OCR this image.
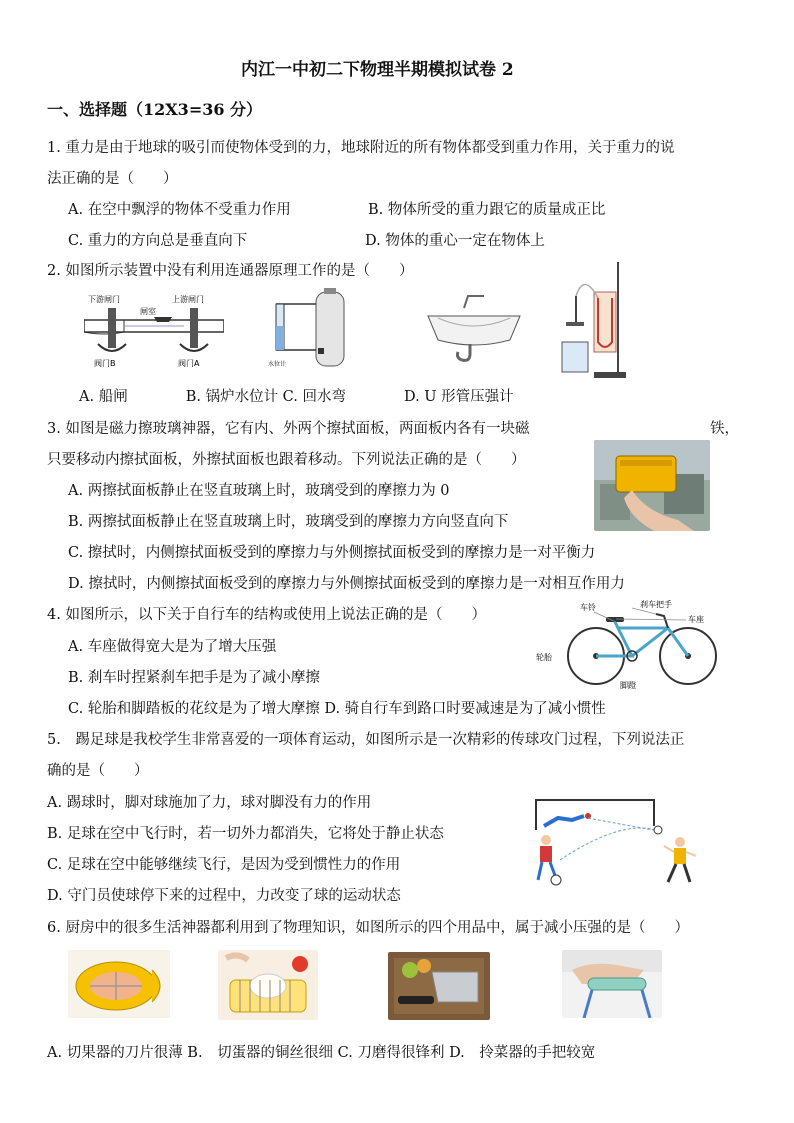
内江一中初二下物理半期模拟试卷 2
一、选择题（12X3=36 分）
1. 重力是由于地球的吸引而使物体受到的力，地球附近的所有物体都受到重力作用，关于重力的说
法正确的是（　　）
A. 在空中飘浮的物体不受重力作用	B. 物体所受的重力跟它的质量成正比
C. 重力的方向总是垂直向下	D. 物体的重心一定在物体上
2. 如图所示装置中没有利用连通器原理工作的是（　　）
下游闸门	上游闸门
闸室
阀门B	阀门A	水位计
A. 船闸　　　　B. 锅炉水位计 C. 回水弯　　　　D. U 形管压强计
3. 如图是磁力擦玻璃神器，它有内、外两个擦拭面板，两面板内各有一块磁	铁，
只要移动内擦拭面板，外擦拭面板也跟着移动。下列说法正确的是（　　）
A. 两擦拭面板静止在竖直玻璃上时，玻璃受到的摩擦力为 0
B. 两擦拭面板静止在竖直玻璃上时，玻璃受到的摩擦力方向竖直向下
C. 擦拭时，内侧擦拭面板受到的摩擦力与外侧擦拭面板受到的摩擦力是一对平衡力
D. 擦拭时，内侧擦拭面板受到的摩擦力与外侧擦拭面板受到的摩擦力是一对相互作用力
4. 如图所示，以下关于自行车的结构或使用上说法正确的是（　　）
A. 车座做得宽大是为了增大压强
B. 刹车时捏紧刹车把手是为了减小摩擦
C. 轮胎和脚踏板的花纹是为了增大摩擦 D. 骑自行车到路口时要减速是为了减小惯性
车铃	刹车把手
车座
轮胎
脚蹬
5.　踢足球是我校学生非常喜爱的一项体育运动，如图所示是一次精彩的传球攻门过程，下列说法正
确的是（　　）
A. 踢球时，脚对球施加了力，球对脚没有力的作用
B. 足球在空中飞行时，若一切外力都消失，它将处于静止状态
C. 足球在空中能够继续飞行，是因为受到惯性力的作用
D. 守门员使球停下来的过程中，力改变了球的运动状态
6. 厨房中的很多生活神器都利用到了物理知识，如图所示的四个用品中，属于减小压强的是（　　）
A. 切果器的刀片很薄 B.　切蛋器的铜丝很细 C. 刀磨得很锋利 D.　拎菜器的手把较宽
